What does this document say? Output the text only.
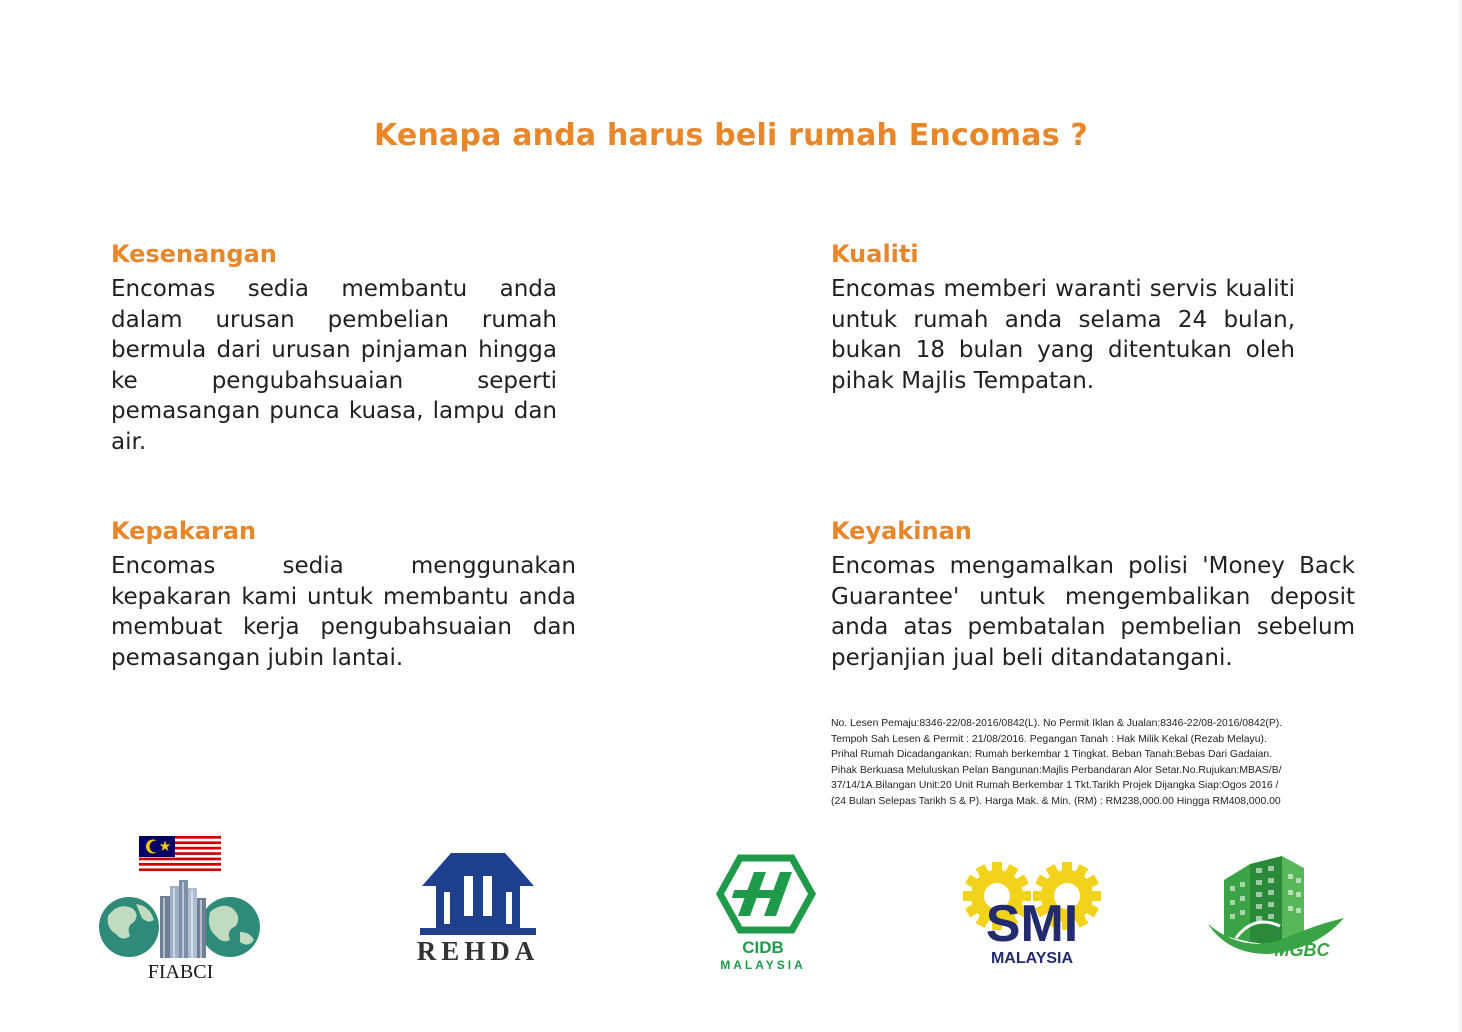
Kenapa anda harus beli rumah Encomas ?
Kesenangan

Encomas sedia membantu anda dalam urusan pembelian rumah bermula dari urusan pinjaman hingga ke pengubahsuaian seperti pemasangan punca kuasa, lampu dan air.

Kualiti

Encomas memberi waranti servis kualiti untuk rumah anda selama 24 bulan, bukan 18 bulan yang ditentukan oleh pihak Majlis Tempatan.

Kepakaran

Encomas sedia menggunakan kepakaran kami untuk membantu anda membuat kerja pengubahsuaian dan pemasangan jubin lantai.

Keyakinan

Encomas mengamalkan polisi 'Money Back Guarantee' untuk mengembalikan deposit anda atas pembatalan pembelian sebelum perjanjian jual beli ditandatangani.

No. Lesen Pemaju:8346-22/08-2016/0842(L). No Permit Iklan & Jualan:8346-22/08-2016/0842(P).
Tempoh Sah Lesen & Permit : 21/08/2016. Pegangan Tanah : Hak Milik Kekal (Rezab Melayu).
Prihal Rumah Dicadangankan: Rumah berkembar 1 Tingkat. Beban Tanah:Bebas Dari Gadaian.
Pihak Berkuasa Meluluskan Pelan Bangunan:Majlis Perbandaran Alor Setar.No.Rujukan:MBAS/B/
37/14/1A.Bilangan Unit:20 Unit Rumah Berkembar 1 Tkt.Tarikh Projek Dijangka Siap:Ogos 2016 /
(24 Bulan Selepas Tarikh S & P). Harga Mak. & Min. (RM) : RM238,000.00 Hingga RM408,000.00
FIABCI
REHDA	CIDB
MALAYSIA
SMI
MALAYSIA	MGBC
